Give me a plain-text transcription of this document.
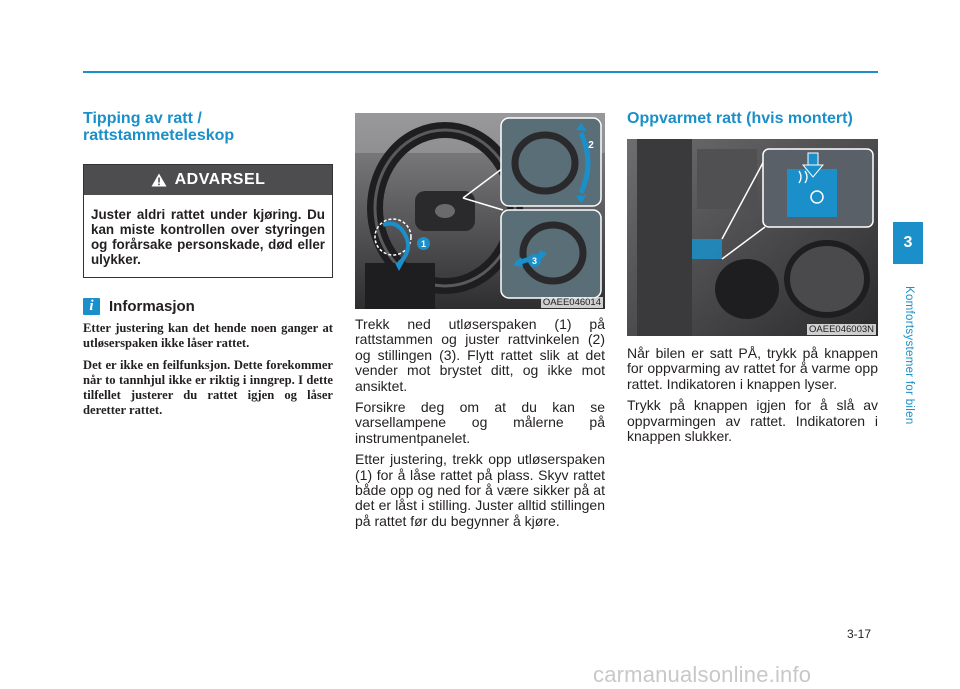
Tipping av ratt / rattstammeteleskop
ADVARSEL
Juster aldri rattet under kjøring. Du kan miste kontrollen over styringen og forårsake personskade, død eller ulykker.
i	Informasjon

Etter justering kan det hende noen ganger at utløserspaken ikke låser rattet.

Det er ikke en feilfunksjon. Dette forekommer når to tannhjul ikke er riktig i inngrep. I dette tilfellet justerer du rattet igjen og låser deretter rattet.

1
2
3
OAEE046014

Trekk ned utløserspaken (1) på rattstammen og juster rattvinkelen (2) og stillingen (3). Flytt rattet slik at det vender mot brystet ditt, og ikke mot ansiktet.

Forsikre deg om at du kan se varsellampene og målerne på instrumentpanelet.

Etter justering, trekk opp utløserspaken (1) for å låse rattet på plass. Skyv rattet både opp og ned for å være sikker på at det er låst i stilling. Juster alltid stillingen på rattet før du begynner å kjøre.

Oppvarmet ratt (hvis montert)
OAEE046003N

Når bilen er satt PÅ, trykk på knappen for oppvarming av rattet for å varme opp rattet. Indikatoren i knappen lyser.

Trykk på knappen igjen for å slå av oppvarmingen av rattet. Indikatoren i knappen slukker.

3
Komfortsystemer for bilen
3-17
carmanualsonline.info
